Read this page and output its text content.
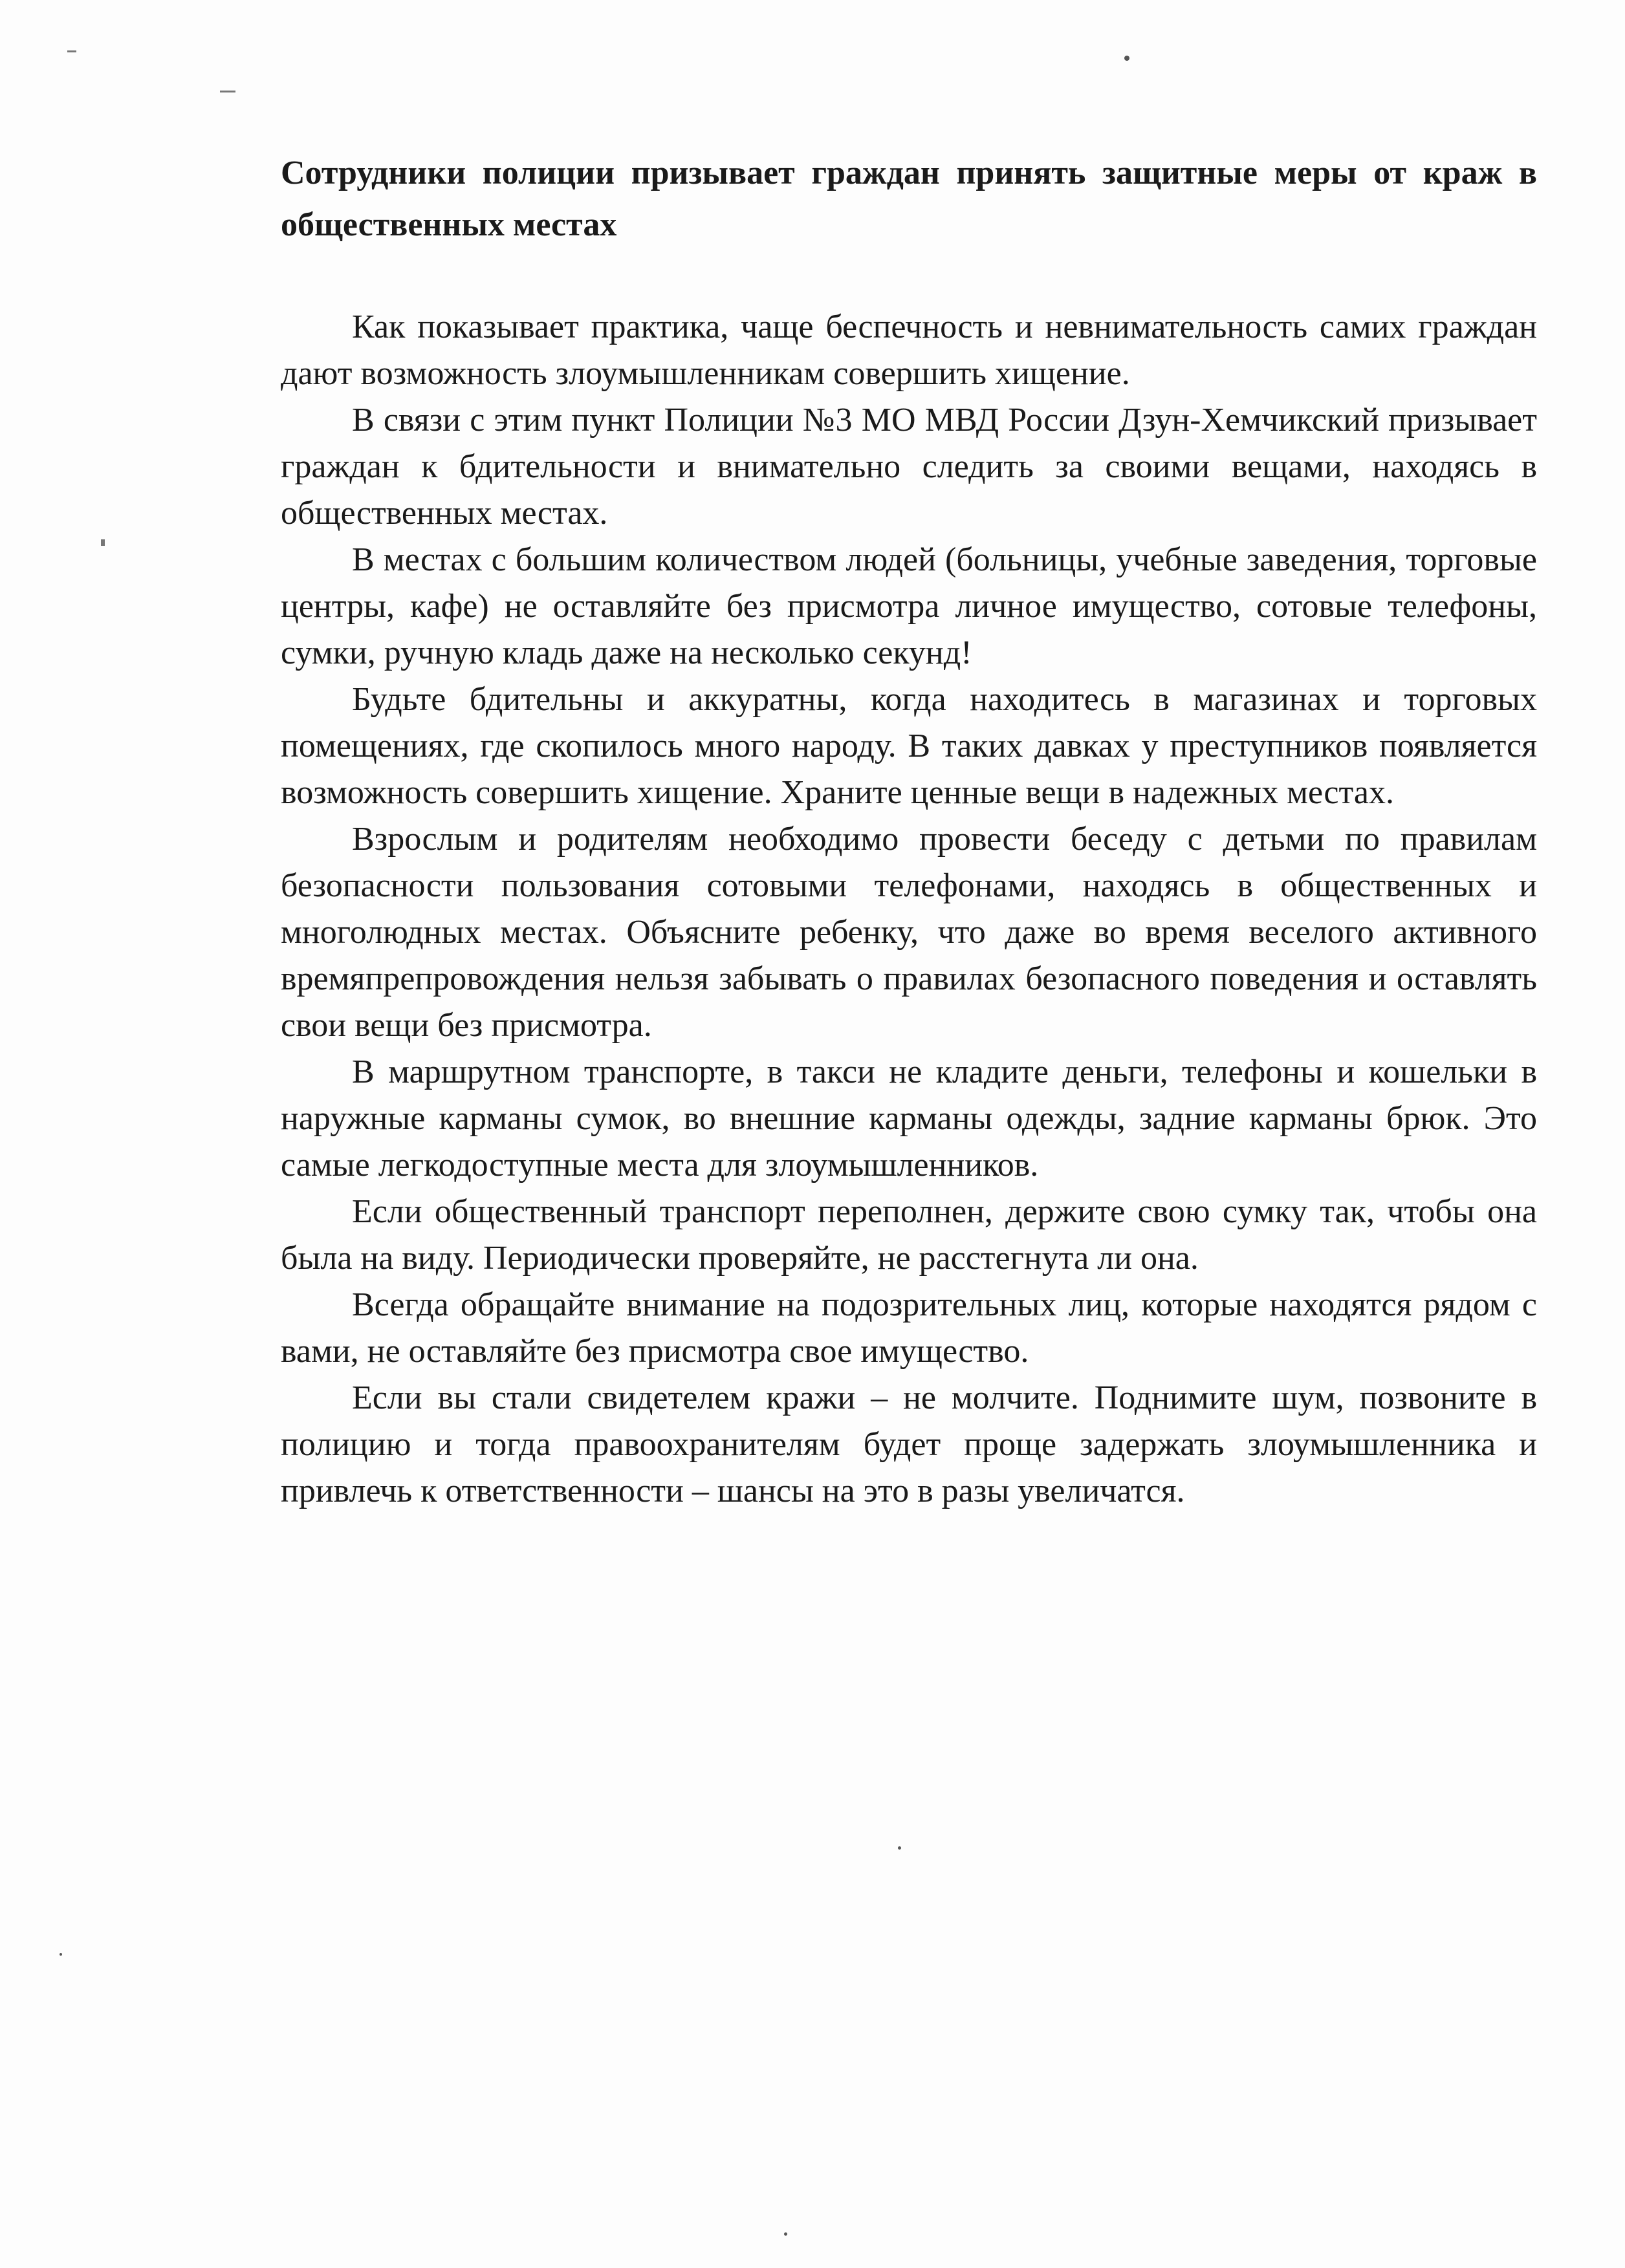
Сотрудники полиции призывает граждан принять защитные меры от краж в общественных местах

Как показывает практика, чаще беспечность и невнимательность самих граждан дают возможность злоумышленникам совершить хищение.

В связи с этим пункт Полиции №3 МО МВД России Дзун-Хемчикский призывает граждан к бдительности и внимательно следить за своими вещами, находясь в общественных местах.

В местах с большим количеством людей (больницы, учебные заведения, торговые центры, кафе) не оставляйте без присмотра личное имущество, сотовые телефоны, сумки, ручную кладь даже на несколько секунд!

Будьте бдительны и аккуратны, когда находитесь в магазинах и торговых помещениях, где скопилось много народу. В таких давках у преступников появляется возможность совершить хищение. Храните ценные вещи в надежных местах.

Взрослым и родителям необходимо провести беседу с детьми по правилам безопасности пользования сотовыми телефонами, находясь в общественных и многолюдных местах. Объясните ребенку, что даже во время веселого активного времяпрепровождения нельзя забывать о правилах безопасного поведения и оставлять свои вещи без присмотра.

В маршрутном транспорте, в такси не кладите деньги, телефоны и кошельки в наружные карманы сумок, во внешние карманы одежды, задние карманы брюк. Это самые легкодоступные места для злоумышленников.

Если общественный транспорт переполнен, держите свою сумку так, чтобы она была на виду. Периодически проверяйте, не расстегнута ли она.

Всегда обращайте внимание на подозрительных лиц, которые находятся рядом с вами, не оставляйте без присмотра свое имущество.

Если вы стали свидетелем кражи – не молчите. Поднимите шум, позвоните в полицию и тогда правоохранителям будет проще задержать злоумышленника и привлечь к ответственности – шансы на это в разы увеличатся.
